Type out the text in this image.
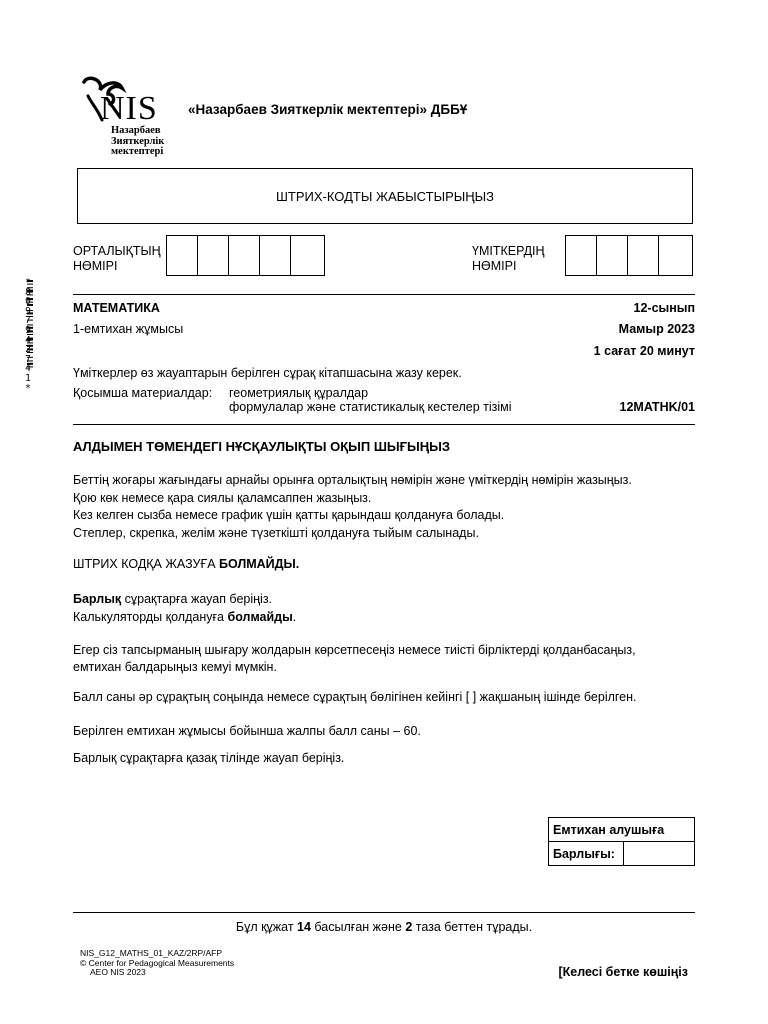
NIS
Назарбаев
Зияткерлік
мектептері
«Назарбаев Зияткерлік мектептері» ДББҰ
ШТРИХ-КОДТЫ ЖАБЫСТЫРЫҢЫЗ
ОРТАЛЫҚТЫҢ
НӨМІРІ
ҮМІТКЕРДІҢ
НӨМІРІ
*8097942741*
МАТЕМАТИКА	12-сынып
1-емтихан жұмысы	Мамыр 2023
1 сағат 20 минут
Үміткерлер өз жауаптарын берілген сұрақ кітапшасына жазу керек.
Қосымша материалдар: геометриялық құралдар
формулалар және статистикалық кестелер тізімі	12MATHK/01
АЛДЫМЕН ТӨМЕНДЕГІ НҰСҚАУЛЫҚТЫ ОҚЫП ШЫҒЫҢЫЗ
Беттің жоғары жағындағы арнайы орынға орталықтың нөмірін және үміткердің нөмірін жазыңыз.
Қою көк немесе қара сиялы қаламсаппен жазыңыз.
Кез келген сызба немесе график үшін қатты қарындаш қолдануға болады.
Степлер, скрепка, желім және түзеткішті қолдануға тыйым салынады.
ШТРИХ КОДҚА ЖАЗУҒА БОЛМАЙДЫ.
Барлық сұрақтарға жауап беріңіз.
Калькуляторды қолдануға болмайды.
Егер сіз тапсырманың шығару жолдарын көрсетпесеңіз немесе тиісті бірліктерді қолданбасаңыз,
емтихан балдарыңыз кемуі мүмкін.
Балл саны әр сұрақтың соңында немесе сұрақтың бөлігінен кейінгі [ ] жақшаның ішінде берілген.
Берілген емтихан жұмысы бойынша жалпы балл саны – 60.
Барлық сұрақтарға қазақ тілінде жауап беріңіз.
Емтихан алушыға
Барлығы:	
Бұл құжат 14 басылған және 2 таза беттен тұрады.
NIS_G12_MATHS_01_KAZ/2RP/AFP
© Center for Pedagogical Measurements
AEO NIS 2023	[Келесі бетке көшіңіз
